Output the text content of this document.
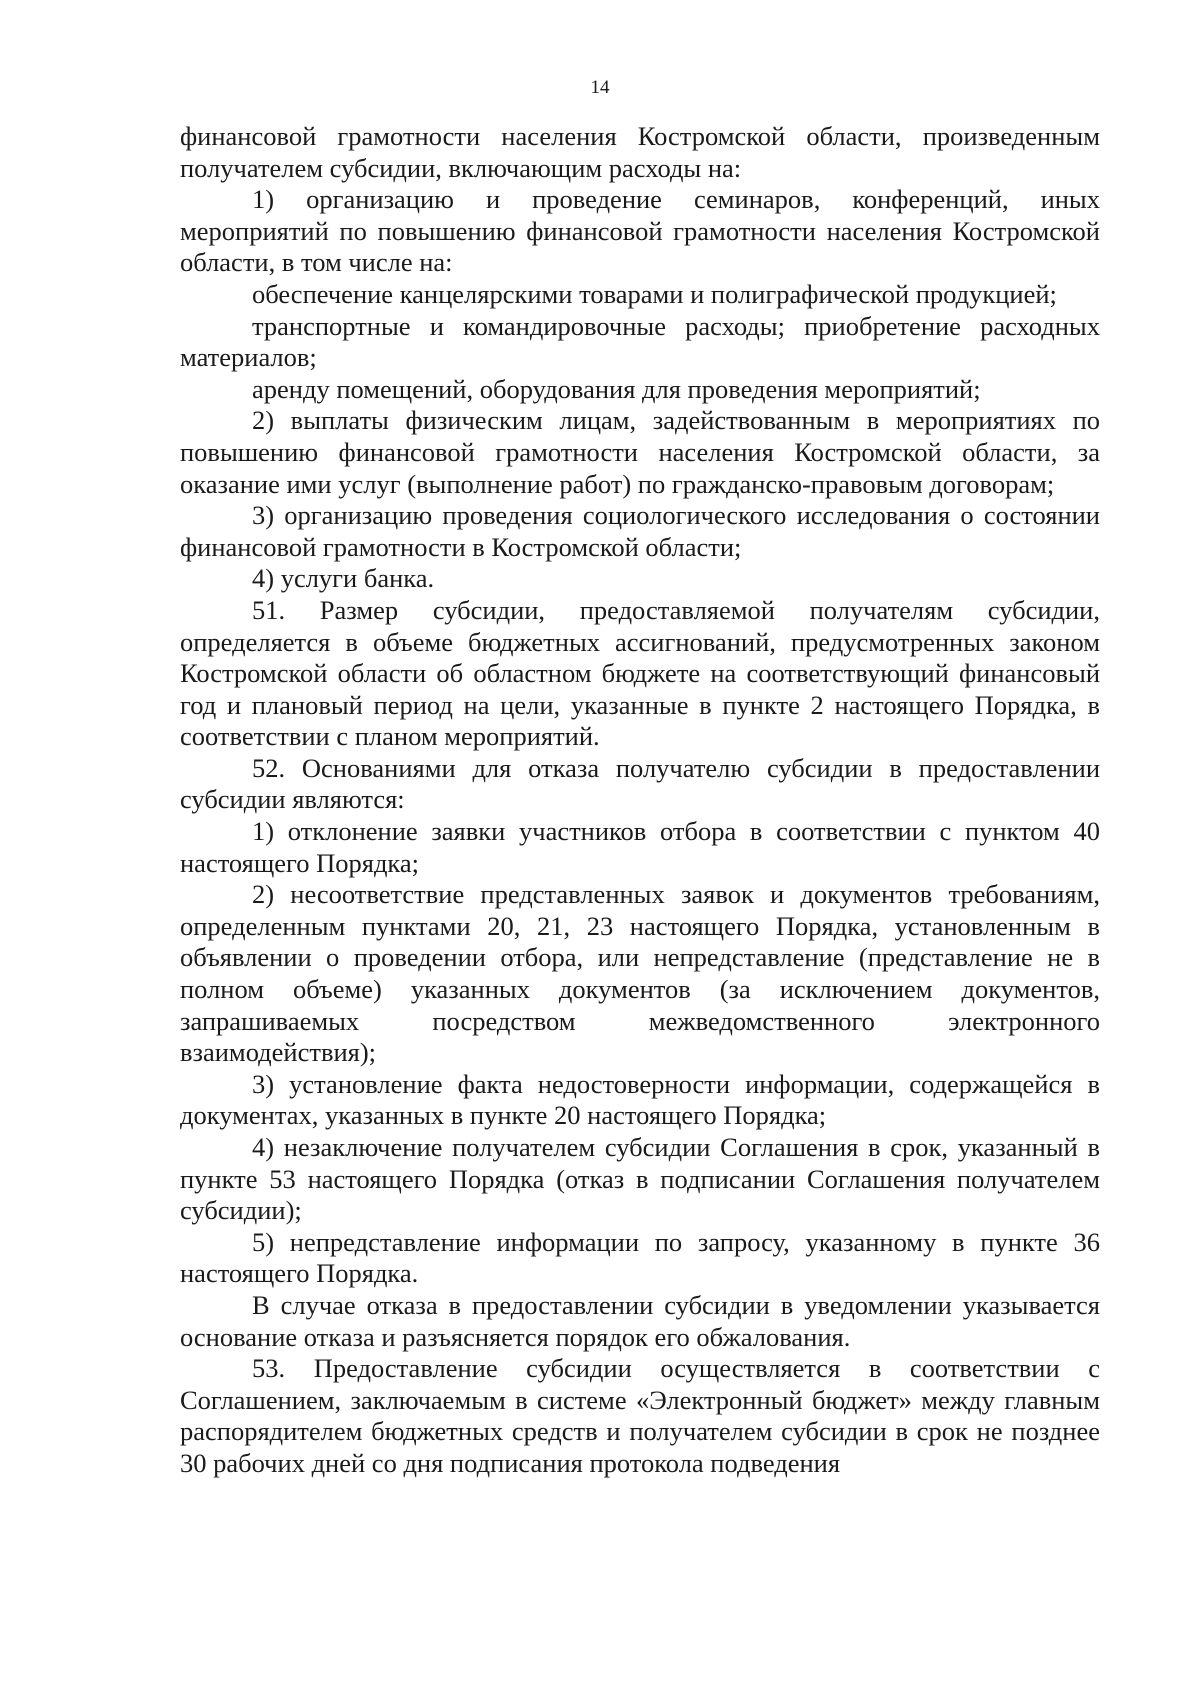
14

финансовой грамотности населения Костромской области, произведенным получателем субсидии, включающим расходы на:

1) организацию и проведение семинаров, конференций, иных мероприятий по повышению финансовой грамотности населения Костромской области, в том числе на:

обеспечение канцелярскими товарами и полиграфической продукцией;

транспортные и командировочные расходы; приобретение расходных материалов;

аренду помещений, оборудования для проведения мероприятий;

2) выплаты физическим лицам, задействованным в мероприятиях по повышению финансовой грамотности населения Костромской области, за оказание ими услуг (выполнение работ) по гражданско-правовым договорам;

3) организацию проведения социологического исследования о состоянии финансовой грамотности в Костромской области;

4) услуги банка.

51. Размер субсидии, предоставляемой получателям субсидии, определяется в объеме бюджетных ассигнований, предусмотренных законом Костромской области об областном бюджете на соответствующий финансовый год и плановый период на цели, указанные в пункте 2 настоящего Порядка, в соответствии с планом мероприятий.

52. Основаниями для отказа получателю субсидии в предоставлении субсидии являются:

1) отклонение заявки участников отбора в соответствии с пунктом 40 настоящего Порядка;

2) несоответствие представленных заявок и документов требованиям, определенным пунктами 20, 21, 23 настоящего Порядка, установленным в объявлении о проведении отбора, или непредставление (представление не в полном объеме) указанных документов (за исключением документов, запрашиваемых посредством межведомственного электронного взаимодействия);

3) установление факта недостоверности информации, содержащейся в документах, указанных в пункте 20 настоящего Порядка;

4) незаключение получателем субсидии Соглашения в срок, указанный в пункте 53 настоящего Порядка (отказ в подписании Соглашения получателем субсидии);

5) непредставление информации по запросу, указанному в пункте 36 настоящего Порядка.

В случае отказа в предоставлении субсидии в уведомлении указывается основание отказа и разъясняется порядок его обжалования.

53. Предоставление субсидии осуществляется в соответствии с Соглашением, заключаемым в системе «Электронный бюджет» между главным распорядителем бюджетных средств и получателем субсидии в срок не позднее 30 рабочих дней со дня подписания протокола подведения
